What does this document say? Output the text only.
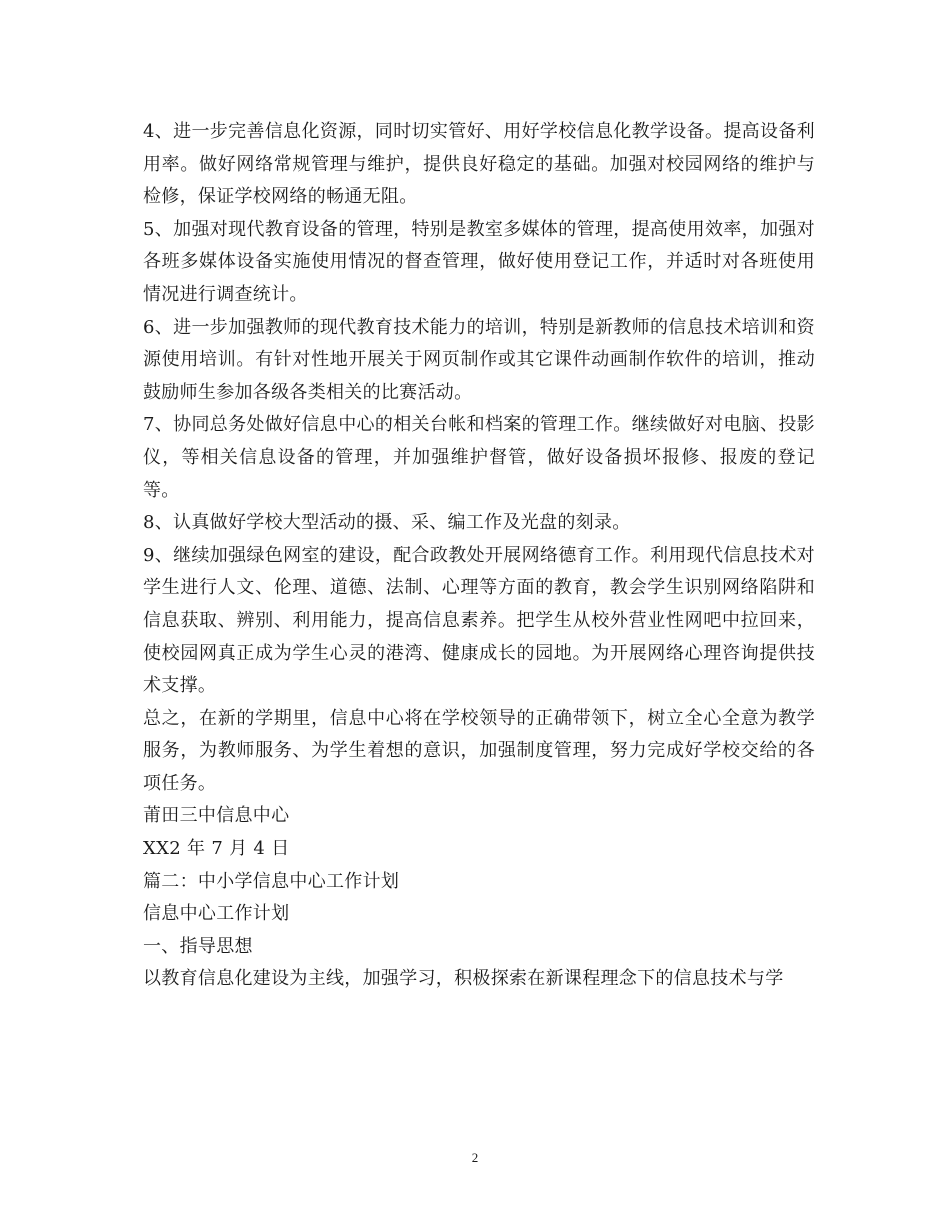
4、进一步完善信息化资源，同时切实管好、用好学校信息化教学设备。提高设备利用率。做好网络常规管理与维护，提供良好稳定的基础。加强对校园网络的维护与检修，保证学校网络的畅通无阻。

5、加强对现代教育设备的管理，特别是教室多媒体的管理，提高使用效率，加强对各班多媒体设备实施使用情况的督查管理，做好使用登记工作，并适时对各班使用情况进行调查统计。

6、进一步加强教师的现代教育技术能力的培训，特别是新教师的信息技术培训和资源使用培训。有针对性地开展关于网页制作或其它课件动画制作软件的培训，推动鼓励师生参加各级各类相关的比赛活动。

7、协同总务处做好信息中心的相关台帐和档案的管理工作。继续做好对电脑、投影仪，等相关信息设备的管理，并加强维护督管，做好设备损坏报修、报废的登记等。

8、认真做好学校大型活动的摄、采、编工作及光盘的刻录。

9、继续加强绿色网室的建设，配合政教处开展网络德育工作。利用现代信息技术对学生进行人文、伦理、道德、法制、心理等方面的教育，教会学生识别网络陷阱和信息获取、辨别、利用能力，提高信息素养。把学生从校外营业性网吧中拉回来，使校园网真正成为学生心灵的港湾、健康成长的园地。为开展网络心理咨询提供技术支撑。

总之，在新的学期里，信息中心将在学校领导的正确带领下，树立全心全意为教学服务，为教师服务、为学生着想的意识，加强制度管理，努力完成好学校交给的各项任务。

莆田三中信息中心

XX2 年 7 月 4 日

篇二：中小学信息中心工作计划

信息中心工作计划

一、指导思想

以教育信息化建设为主线，加强学习，积极探索在新课程理念下的信息技术与学

2
